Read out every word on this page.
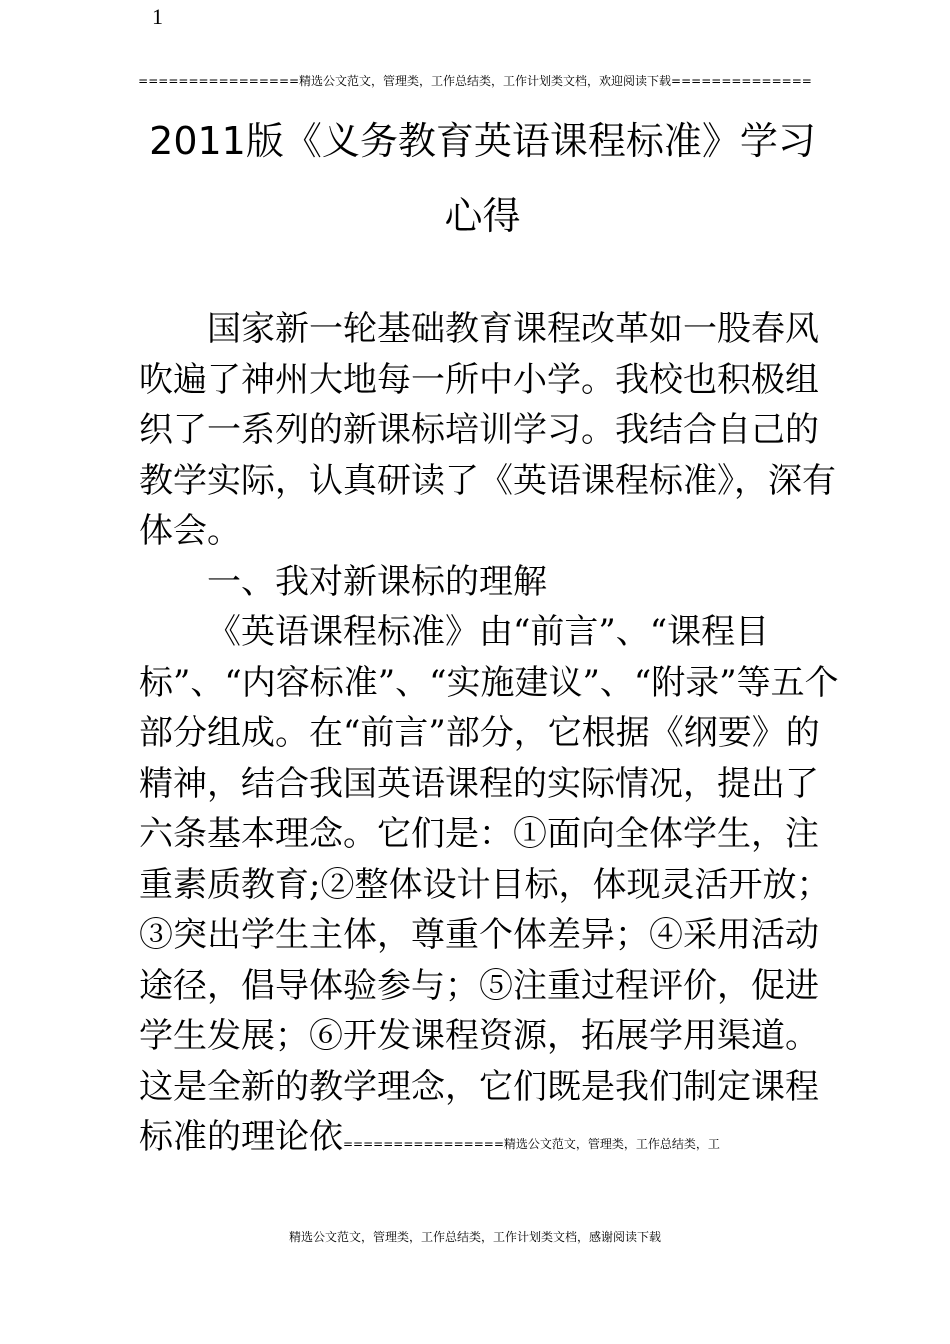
1
================精选公文范文，管理类，工作总结类，工作计划类文档，欢迎阅读下载==============
2011版《义务教育英语课程标准》学习心得

国家新一轮基础教育课程改革如一股春风吹遍了神州大地每一所中小学。我校也积极组织了一系列的新课标培训学习。我结合自己的教学实际，认真研读了《英语课程标准》，深有体会。

一、我对新课标的理解

《英语课程标准》由“前言”、“课程目标”、“内容标准”、“实施建议”、“附录”等五个部分组成。在“前言”部分，它根据《纲要》的精神，结合我国英语课程的实际情况，提出了六条基本理念。它们是：①面向全体学生，注重素质教育;②整体设计目标，体现灵活开放；③突出学生主体，尊重个体差异；④采用活动途径，倡导体验参与；⑤注重过程评价，促进学生发展；⑥开发课程资源，拓展学用渠道。这是全新的教学理念，它们既是我们制定课程标准的理论依================精选公文范文，管理类，工作总结类，工

精选公文范文，管理类，工作总结类，工作计划类文档，感谢阅读下载
